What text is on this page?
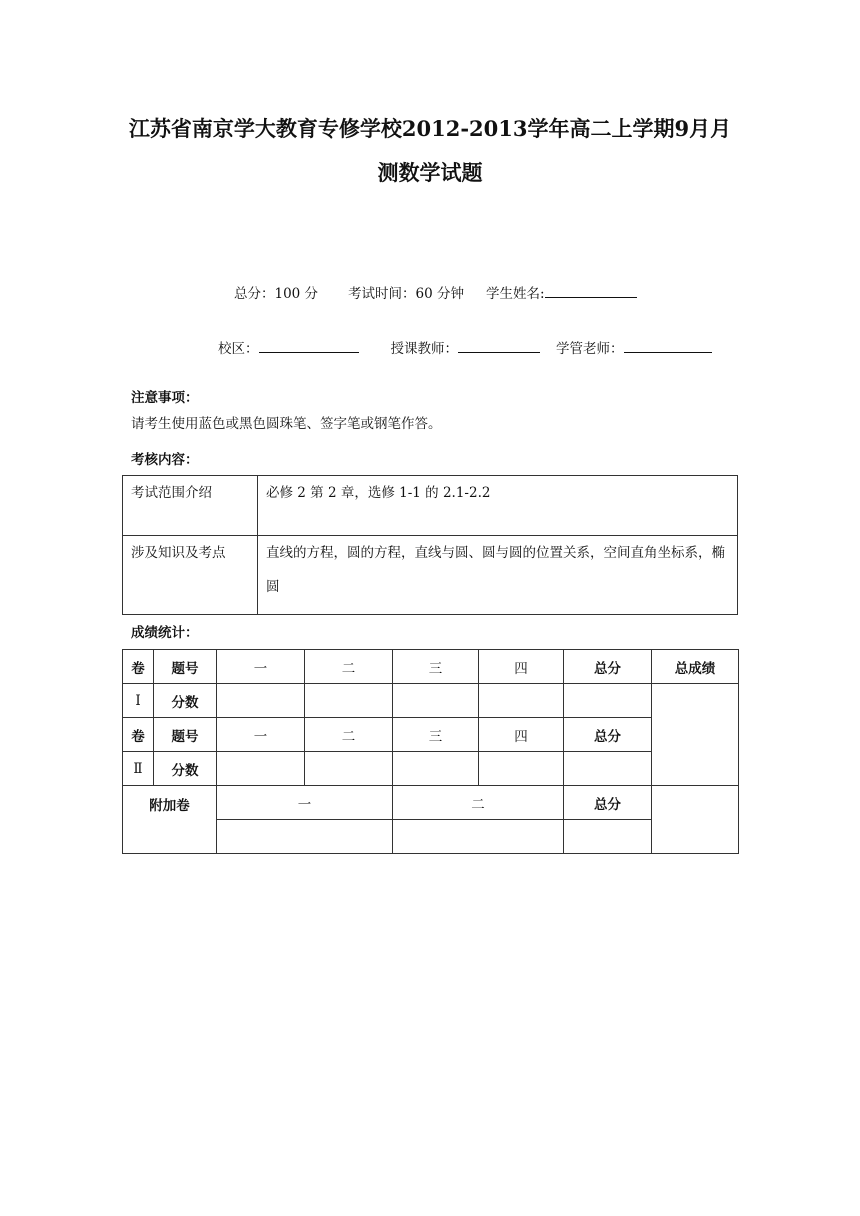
江苏省南京学大教育专修学校2012-2013学年高二上学期9月月
测数学试题
总分：100 分 考试时间：60 分钟 学生姓名:
校区：	授课教师：	学管老师：
注意事项：
请考生使用蓝色或黑色圆珠笔、签字笔或钢笔作答。
考核内容：
考试范围介绍	必修 2 第 2 章，选修 1-1 的 2.1-2.2
涉及知识及考点	直线的方程，圆的方程，直线与圆、圆与圆的位置关系，空间直角坐标系，椭圆
成绩统计：
卷	题号	一	二	三	四	总分	总成绩
Ⅰ	分数						
卷	题号	一	二	三	四	总分	
Ⅱ	分数						
附加卷		一		二		总分	
